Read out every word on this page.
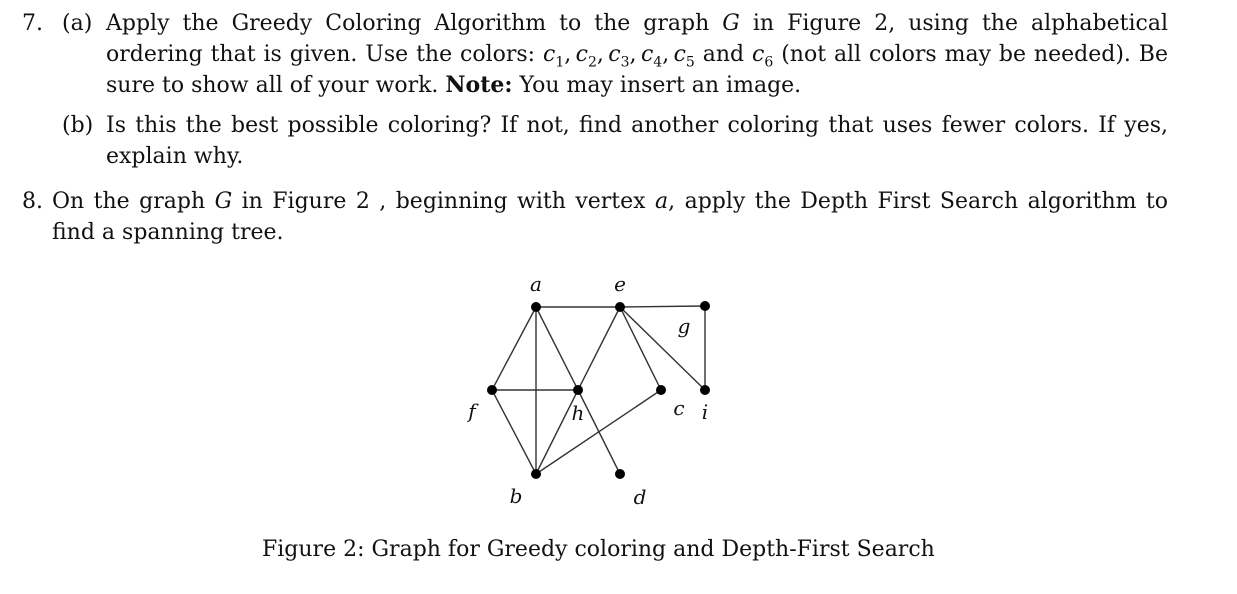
7. (a) Apply the Greedy Coloring Algorithm to the graph G in Figure 2, using the alphabetical ordering that is given. Use the colors: $c_1$, $c_2$, $c_3$, $c_4$, $c_5$ and $c_6$ (not all colors may be needed). Be sure to show all of your work. Note: You may insert an image.
(b) Is this the best possible coloring? If not, find another coloring that uses fewer colors. If yes, explain why.
8. On the graph G in Figure 2 , beginning with vertex a, apply the Depth First Search algorithm to find a spanning tree.
a	e
g
f	h	c i
b	d
Figure 2: Graph for Greedy coloring and Depth-First Search
